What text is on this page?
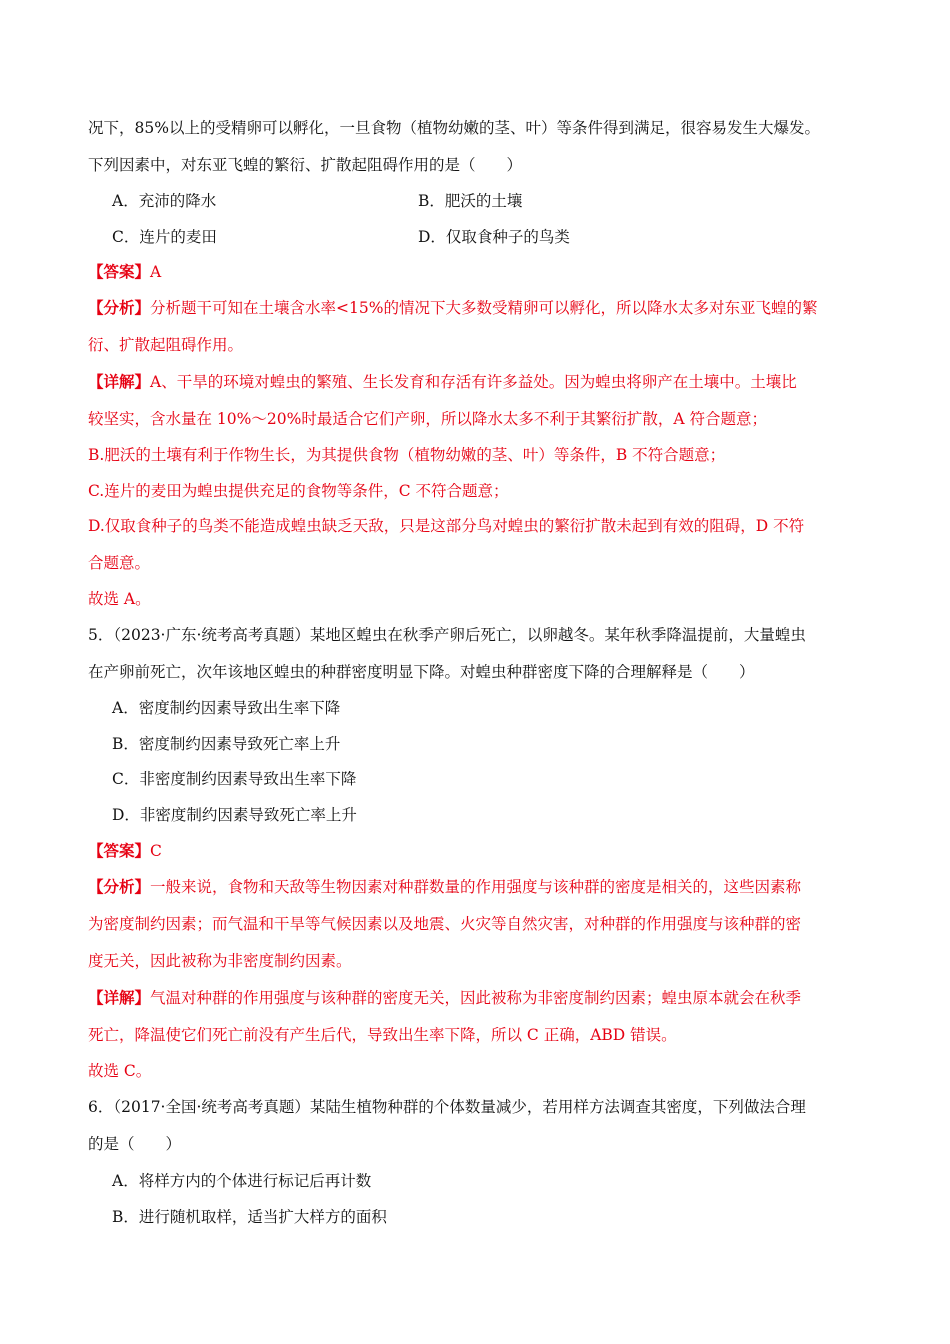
况下，85%以上的受精卵可以孵化，一旦食物（植物幼嫩的茎、叶）等条件得到满足，很容易发生大爆发。
下列因素中，对东亚飞蝗的繁衍、扩散起阻碍作用的是（　　）
A．充沛的降水	B．肥沃的土壤
C．连片的麦田	D．仅取食种子的鸟类
【答案】A
【分析】分析题干可知在土壤含水率<15%的情况下大多数受精卵可以孵化，所以降水太多对东亚飞蝗的繁
衍、扩散起阻碍作用。
【详解】A、干旱的环境对蝗虫的繁殖、生长发育和存活有许多益处。因为蝗虫将卵产在土壤中。土壤比
较坚实，含水量在 10%～20%时最适合它们产卵，所以降水太多不利于其繁衍扩散，A 符合题意；
B.肥沃的土壤有利于作物生长，为其提供食物（植物幼嫩的茎、叶）等条件，B 不符合题意；
C.连片的麦田为蝗虫提供充足的食物等条件，C 不符合题意；
D.仅取食种子的鸟类不能造成蝗虫缺乏天敌，只是这部分鸟对蝗虫的繁衍扩散未起到有效的阻碍，D 不符
合题意。
故选 A。
5．（2023·广东·统考高考真题）某地区蝗虫在秋季产卵后死亡，以卵越冬。某年秋季降温提前，大量蝗虫
在产卵前死亡，次年该地区蝗虫的种群密度明显下降。对蝗虫种群密度下降的合理解释是（　　）
A．密度制约因素导致出生率下降
B．密度制约因素导致死亡率上升
C．非密度制约因素导致出生率下降
D．非密度制约因素导致死亡率上升
【答案】C
【分析】一般来说，食物和天敌等生物因素对种群数量的作用强度与该种群的密度是相关的，这些因素称
为密度制约因素；而气温和干旱等气候因素以及地震、火灾等自然灾害，对种群的作用强度与该种群的密
度无关，因此被称为非密度制约因素。
【详解】气温对种群的作用强度与该种群的密度无关，因此被称为非密度制约因素；蝗虫原本就会在秋季
死亡，降温使它们死亡前没有产生后代，导致出生率下降，所以 C 正确，ABD 错误。
故选 C。
6．（2017·全国·统考高考真题）某陆生植物种群的个体数量减少，若用样方法调查其密度，下列做法合理
的是（　　）
A．将样方内的个体进行标记后再计数
B．进行随机取样，适当扩大样方的面积
